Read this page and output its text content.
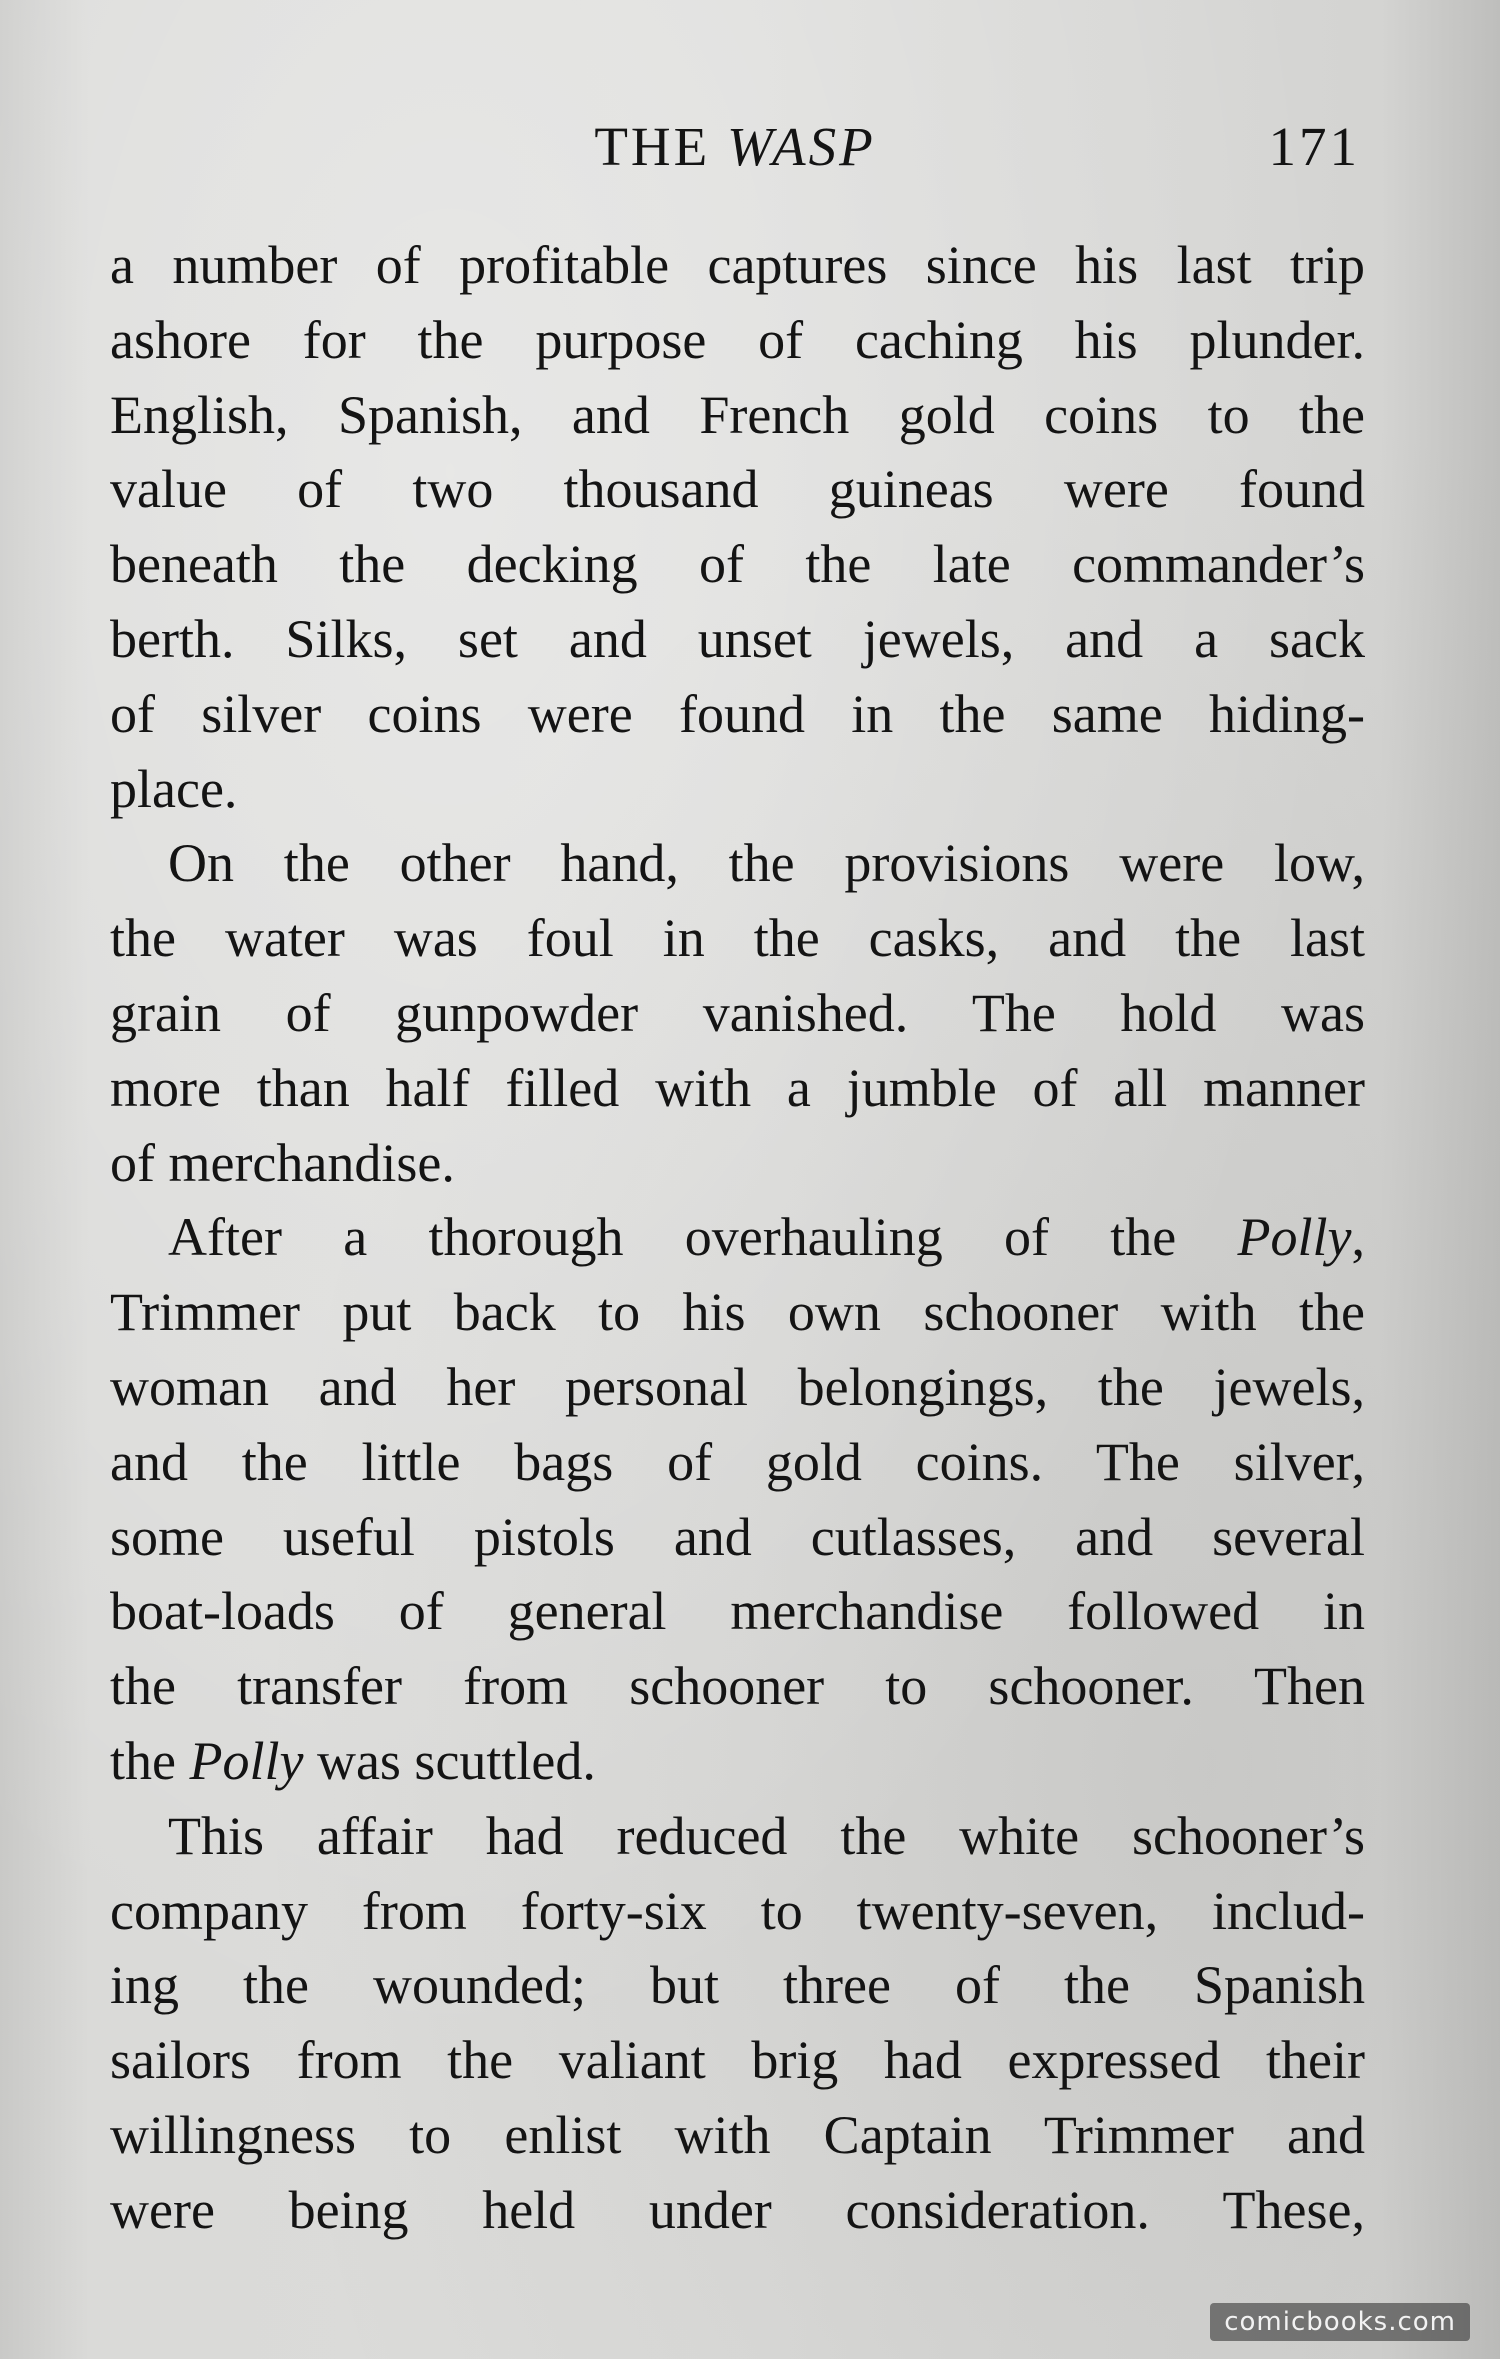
THE WASP	171
a number of profitable captures since his last trip
ashore for the purpose of caching his plunder.
English, Spanish, and French gold coins to the
value of two thousand guineas were found
beneath the decking of the late commander’s
berth. Silks, set and unset jewels, and a sack
of silver coins were found in the same hiding-
place.
On the other hand, the provisions were low,
the water was foul in the casks, and the last
grain of gunpowder vanished. The hold was
more than half filled with a jumble of all manner
of merchandise.
After a thorough overhauling of the Polly,
Trimmer put back to his own schooner with the
woman and her personal belongings, the jewels,
and the little bags of gold coins. The silver,
some useful pistols and cutlasses, and several
boat-loads of general merchandise followed in
the transfer from schooner to schooner. Then
the Polly was scuttled.
This affair had reduced the white schooner’s
company from forty-six to twenty-seven, includ-
ing the wounded; but three of the Spanish
sailors from the valiant brig had expressed their
willingness to enlist with Captain Trimmer and
were being held under consideration. These,
comicbooks.com
